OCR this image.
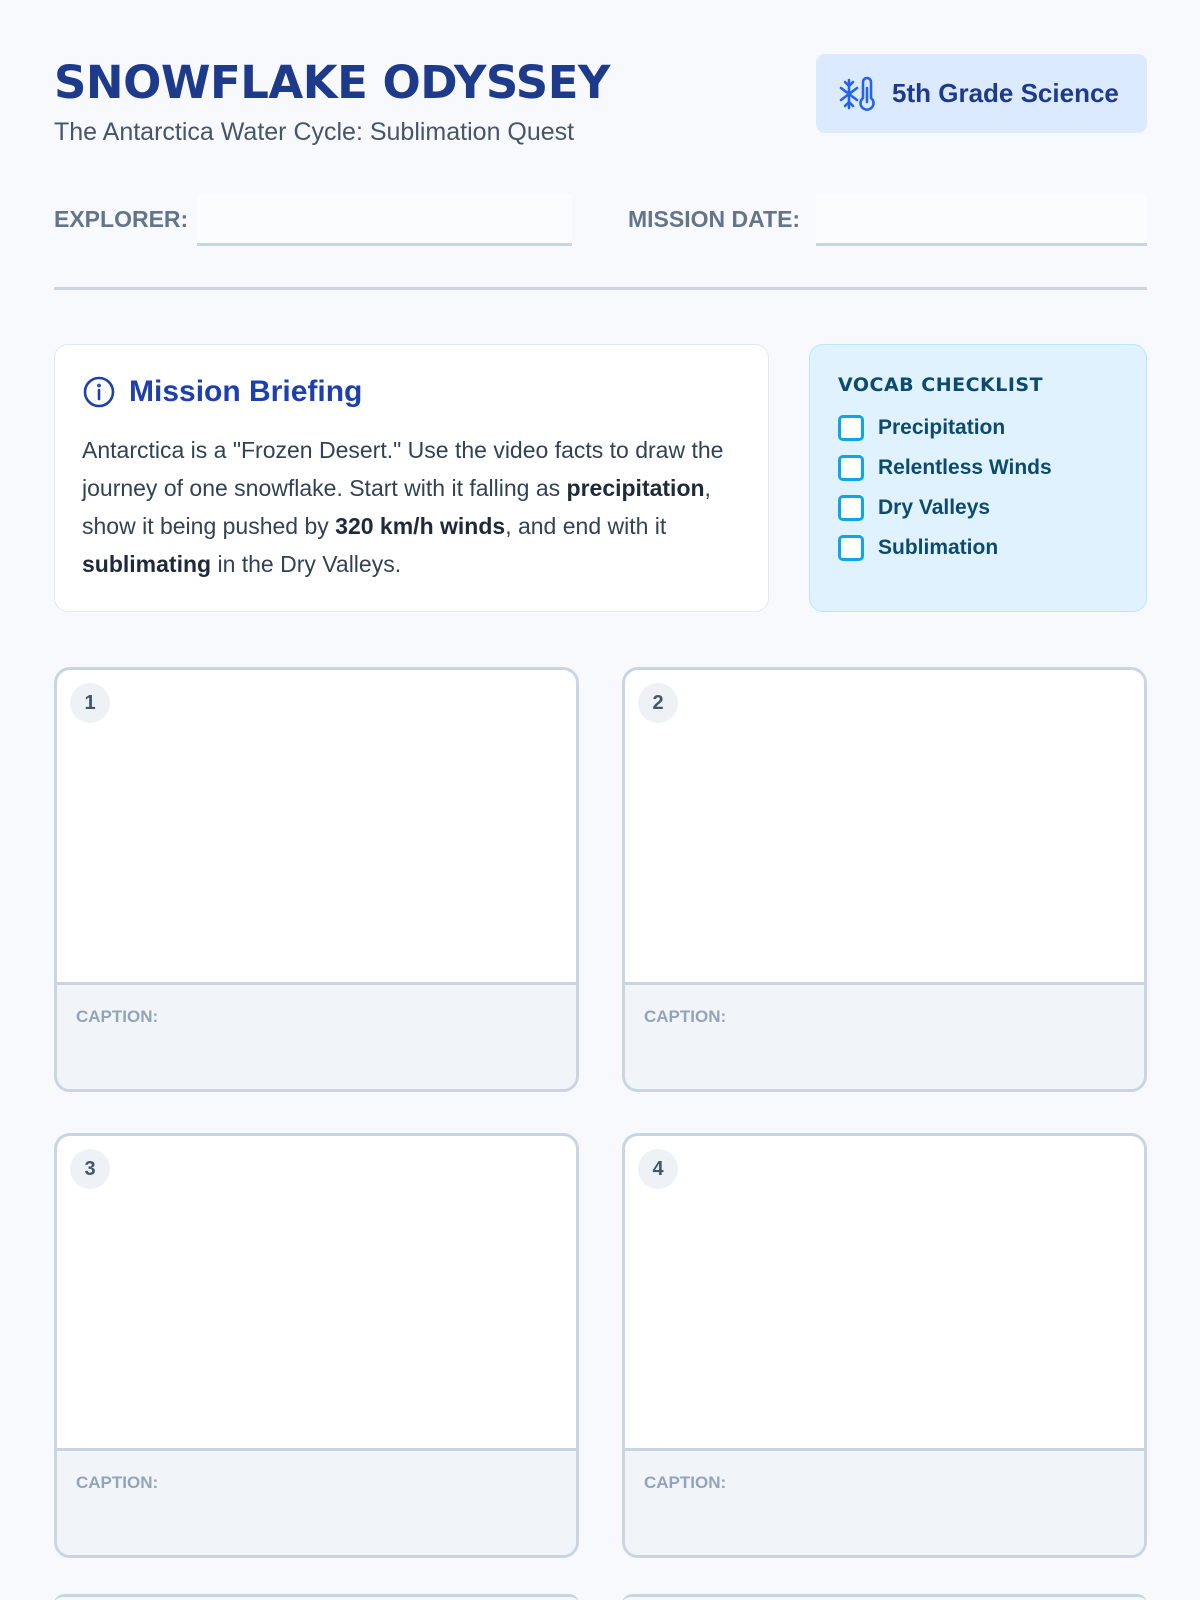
SNOWFLAKE ODYSSEY
The Antarctica Water Cycle: Sublimation Quest
5th Grade Science
EXPLORER:	MISSION DATE:
Mission Briefing

Antarctica is a "Frozen Desert." Use the video facts to draw the journey of one snowflake. Start with it falling as precipitation, show it being pushed by 320 km/h winds, and end with it sublimating in the Dry Valleys.

VOCAB CHECKLIST
Precipitation
Relentless Winds
Dry Valleys
Sublimation
1
CAPTION:
2
CAPTION:
3
CAPTION:
4
CAPTION:
